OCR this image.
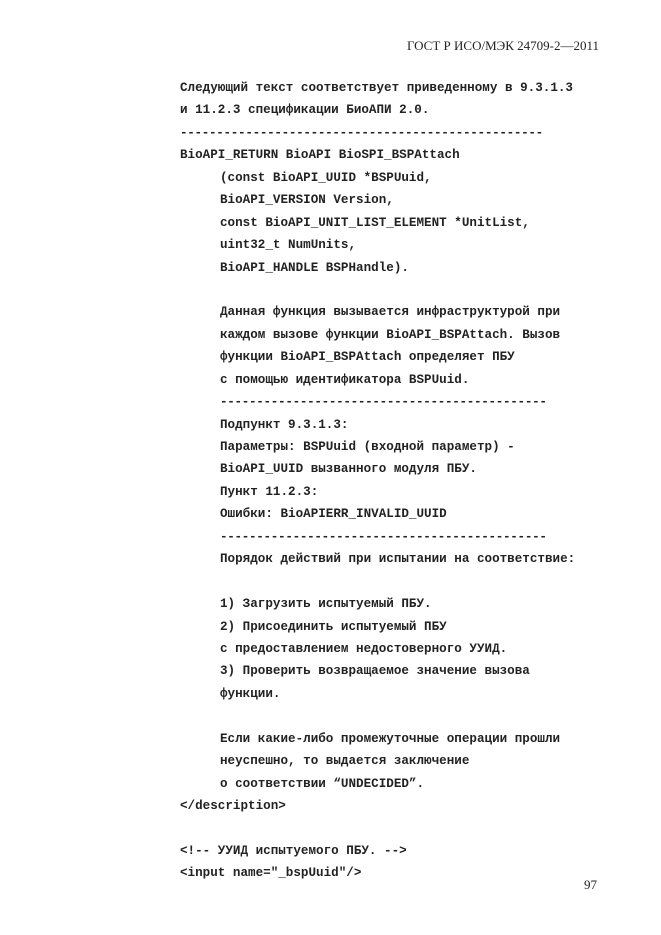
ГОСТ Р ИСО/МЭК 24709-2—2011
Следующий текст соответствует приведенному в 9.3.1.3
и 11.2.3 спецификации БиоАПИ 2.0.
--------------------------------------------------
BioAPI_RETURN BioAPI BioSPI_BSPAttach
(const BioAPI_UUID *BSPUuid,
BioAPI_VERSION Version,
const BioAPI_UNIT_LIST_ELEMENT *UnitList,
uint32_t NumUnits,
BioAPI_HANDLE BSPHandle).
Данная функция вызывается инфраструктурой при
каждом вызове функции BioAPI_BSPAttach. Вызов
функции BioAPI_BSPAttach определяет ПБУ
с помощью идентификатора BSPUuid.
---------------------------------------------
Подпункт 9.3.1.3:
Параметры: BSPUuid (входной параметр) -
BioAPI_UUID вызванного модуля ПБУ.
Пункт 11.2.3:
Ошибки: BioAPIERR_INVALID_UUID
---------------------------------------------
Порядок действий при испытании на соответствие:
1) Загрузить испытуемый ПБУ.
2) Присоединить испытуемый ПБУ
с предоставлением недостоверного УУИД.
3) Проверить возвращаемое значение вызова
функции.
Если какие-либо промежуточные операции прошли
неуспешно, то выдается заключение
о соответствии “UNDECIDED”.
</description>
<!-- УУИД испытуемого ПБУ. -->
<input name="_bspUuid"/>
97
